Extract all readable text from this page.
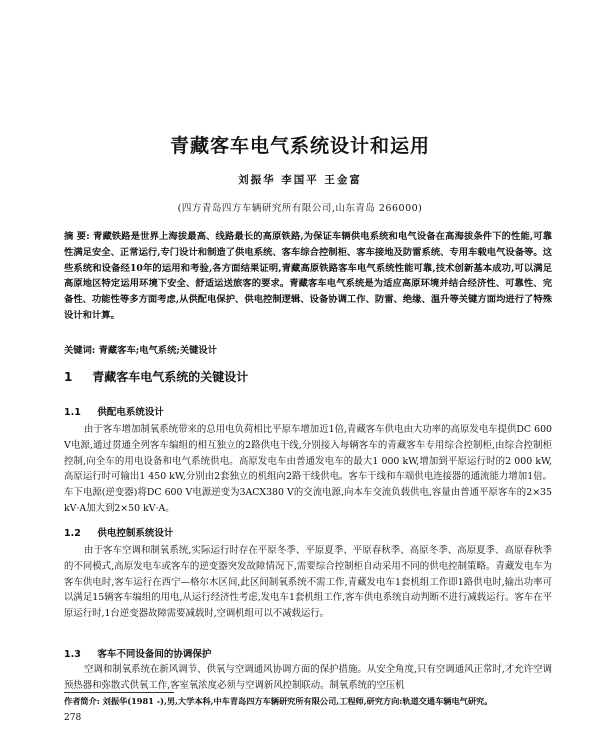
青藏客车电气系统设计和运用
刘振华 李国平 王金富
(四方青岛四方车辆研究所有限公司,山东青岛 266000)
摘 要: 青藏铁路是世界上海拔最高、线路最长的高原铁路,为保证车辆供电系统和电气设备在高海拔条件下的性能,可靠性满足安全、正常运行,专门设计和制造了供电系统、客车综合控制柜、客车接地及防雷系统、专用车载电气设备等。这些系统和设备经10年的运用和考验,各方面结果证明,青藏高原铁路客车电气系统性能可靠,技术创新基本成功,可以满足高原地区特定运用环境下安全、舒适运送旅客的要求。青藏客车电气系统是为适应高原环境并结合经济性、可靠性、完备性、功能性等多方面考虑,从供配电保护、供电控制逻辑、设备协调工作、防雷、绝缘、温升等关键方面均进行了特殊设计和计算。
关键词: 青藏客车;电气系统;关键设计
1 青藏客车电气系统的关键设计
1.1 供配电系统设计
由于客车增加制氧系统带来的总用电负荷相比平原车增加近1倍,青藏客车供电由大功率的高原发电车提供DC 600 V电源,通过贯通全列客车编组的相互独立的2路供电干线,分别接入每辆客车的青藏客车专用综合控制柜,由综合控制柜控制,向全车的用电设备和电气系统供电。高原发电车由普通发电车的最大1 000 kW,增加到平原运行时的2 000 kW,高原运行时可输出1 450 kW,分别由2套独立的机组向2路干线供电。客车干线和车端供电连接器的通流能力增加1倍。车下电源(逆变器)将DC 600 V电源逆变为3ACX380 V的交流电源,向本车交流负载供电,容量由普通平原客车的2×35 kV·A加大到2×50 kV·A。
1.2 供电控制系统设计
由于客车空调和制氧系统,实际运行时存在平原冬季、平原夏季、平原春秋季、高原冬季、高原夏季、高原春秋季的不同模式,高原发电车或客车的逆变器突发故障情况下,需要综合控制柜自动采用不同的供电控制策略。青藏发电车为客车供电时,客车运行在西宁—格尔木区间,此区间制氧系统不需工作,青藏发电车1套机组工作即1路供电时,输出功率可以满足15辆客车编组的用电,从运行经济性考虑,发电车1套机组工作,客车供电系统自动判断不进行减载运行。客车在平原运行时,1台逆变器故障需要减载时,空调机组可以不减载运行。
1.3 客车不同设备间的协调保护
空调和制氧系统在新风调节、供氧与空调通风协调方面的保护措施。从安全角度,只有空调通风正常时,才允许空调预热器和弥散式供氧工作,客室氧浓度必须与空调新风控制联动。制氧系统的空压机
作者简介: 刘振华(1981 -),男,大学本科,中车青岛四方车辆研究所有限公司,工程师,研究方向:轨道交通车辆电气研究。
278
